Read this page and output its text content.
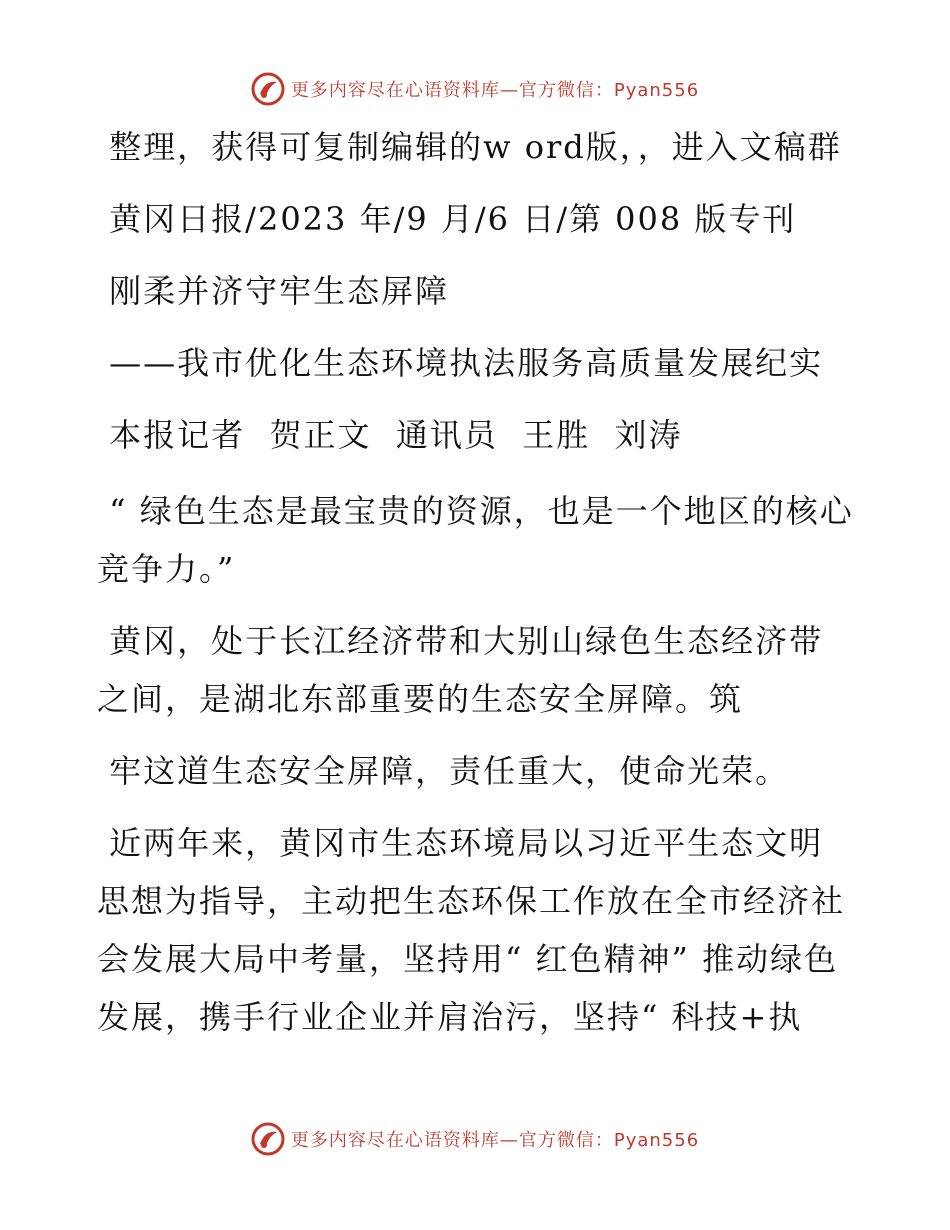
更多内容尽在心语资料库—官方微信：Pyan556

整理，获得可复制编辑的w ord版，，进入文稿群

黄冈日报/2023 年/9 月/6 日/第 008 版专刊

刚柔并济守牢生态屏障

——我市优化生态环境执法服务高质量发展纪实

本报记者  贺正文  通讯员  王胜  刘涛

“ 绿色生态是最宝贵的资源，也是一个地区的核心竞争力。”

黄冈，处于长江经济带和大别山绿色生态经济带之间，是湖北东部重要的生态安全屏障。筑

牢这道生态安全屏障，责任重大，使命光荣。

近两年来，黄冈市生态环境局以习近平生态文明思想为指导，主动把生态环保工作放在全市经济社会发展大局中考量，坚持用“ 红色精神” 推动绿色发展，携手行业企业并肩治污，坚持“ 科技+执

更多内容尽在心语资料库—官方微信：Pyan556
